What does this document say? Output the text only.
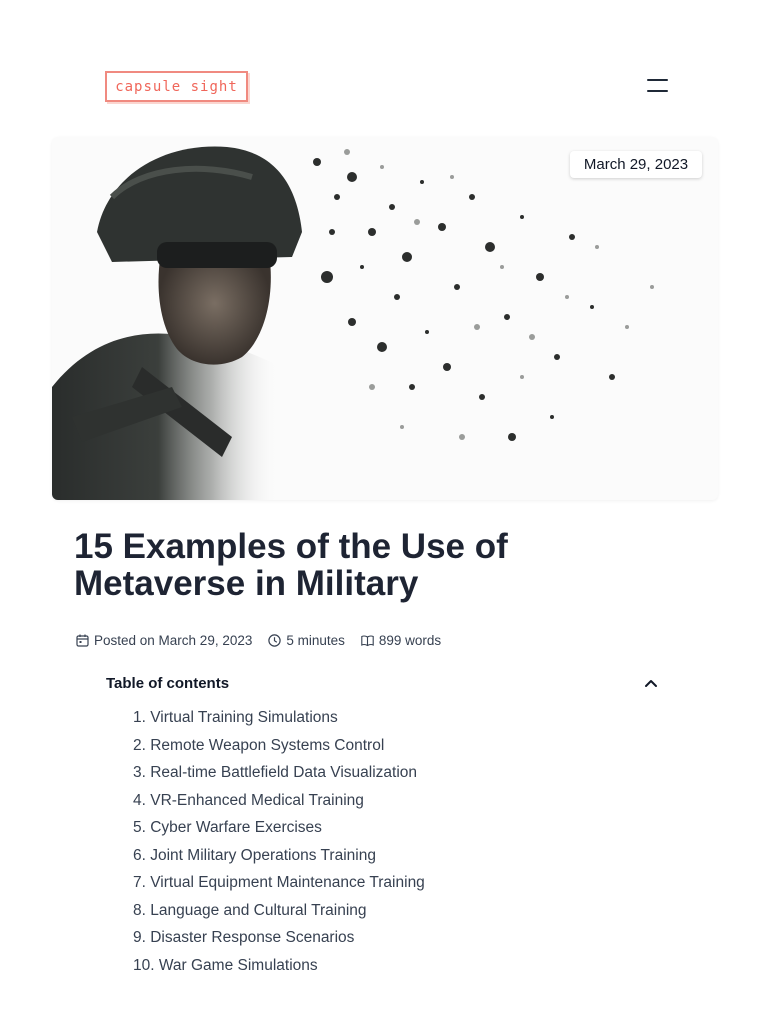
capsule sight
March 29, 2023
15 Examples of the Use of Metaverse in Military
Posted on March 29, 2023	5 minutes	899 words
Table of contents
1. Virtual Training Simulations
2. Remote Weapon Systems Control
3. Real-time Battlefield Data Visualization
4. VR-Enhanced Medical Training
5. Cyber Warfare Exercises
6. Joint Military Operations Training
7. Virtual Equipment Maintenance Training
8. Language and Cultural Training
9. Disaster Response Scenarios
10. War Game Simulations
